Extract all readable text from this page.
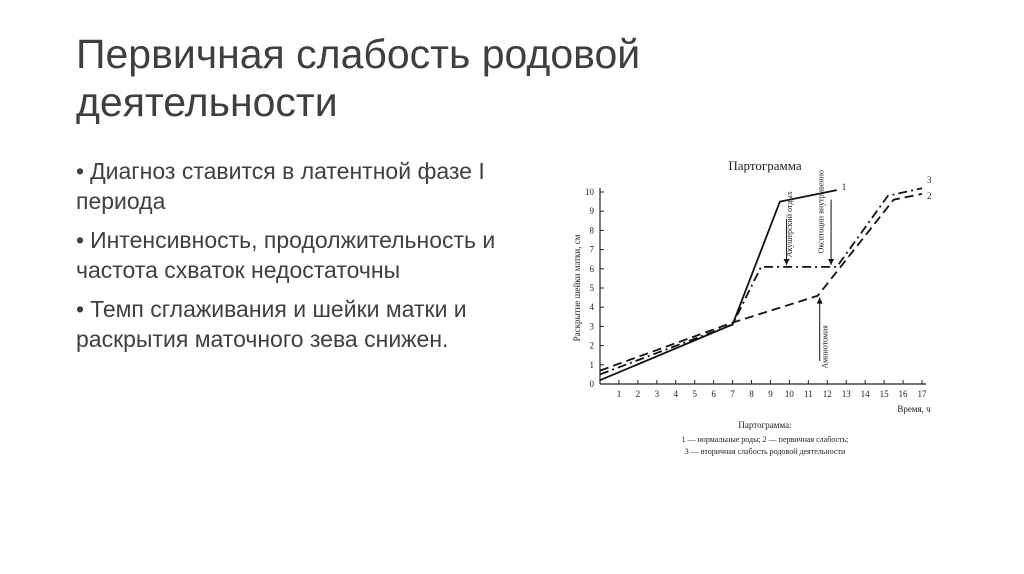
Первичная слабость родовой деятельности
• Диагноз ставится в латентной фазе I периода
• Интенсивность, продолжительность и частота схваток недостаточны
• Темп сглаживания и шейки матки и раскрытия маточного зева снижен.
Партограмма
1 2 3 4 5 6 7 8 9 10 11 12 13 14 15 16 17
0
1
2
3
4
5
6
7
8
9
10
Время, ч
Раскрытие шейки матки, см
1
2
3
Акушерский отдых	Окситоцин внутривенно
Амниотомия
Партограмма:
1 — нормальные роды; 2 — первичная слабость;
3 — вторичная слабость родовой деятельности
